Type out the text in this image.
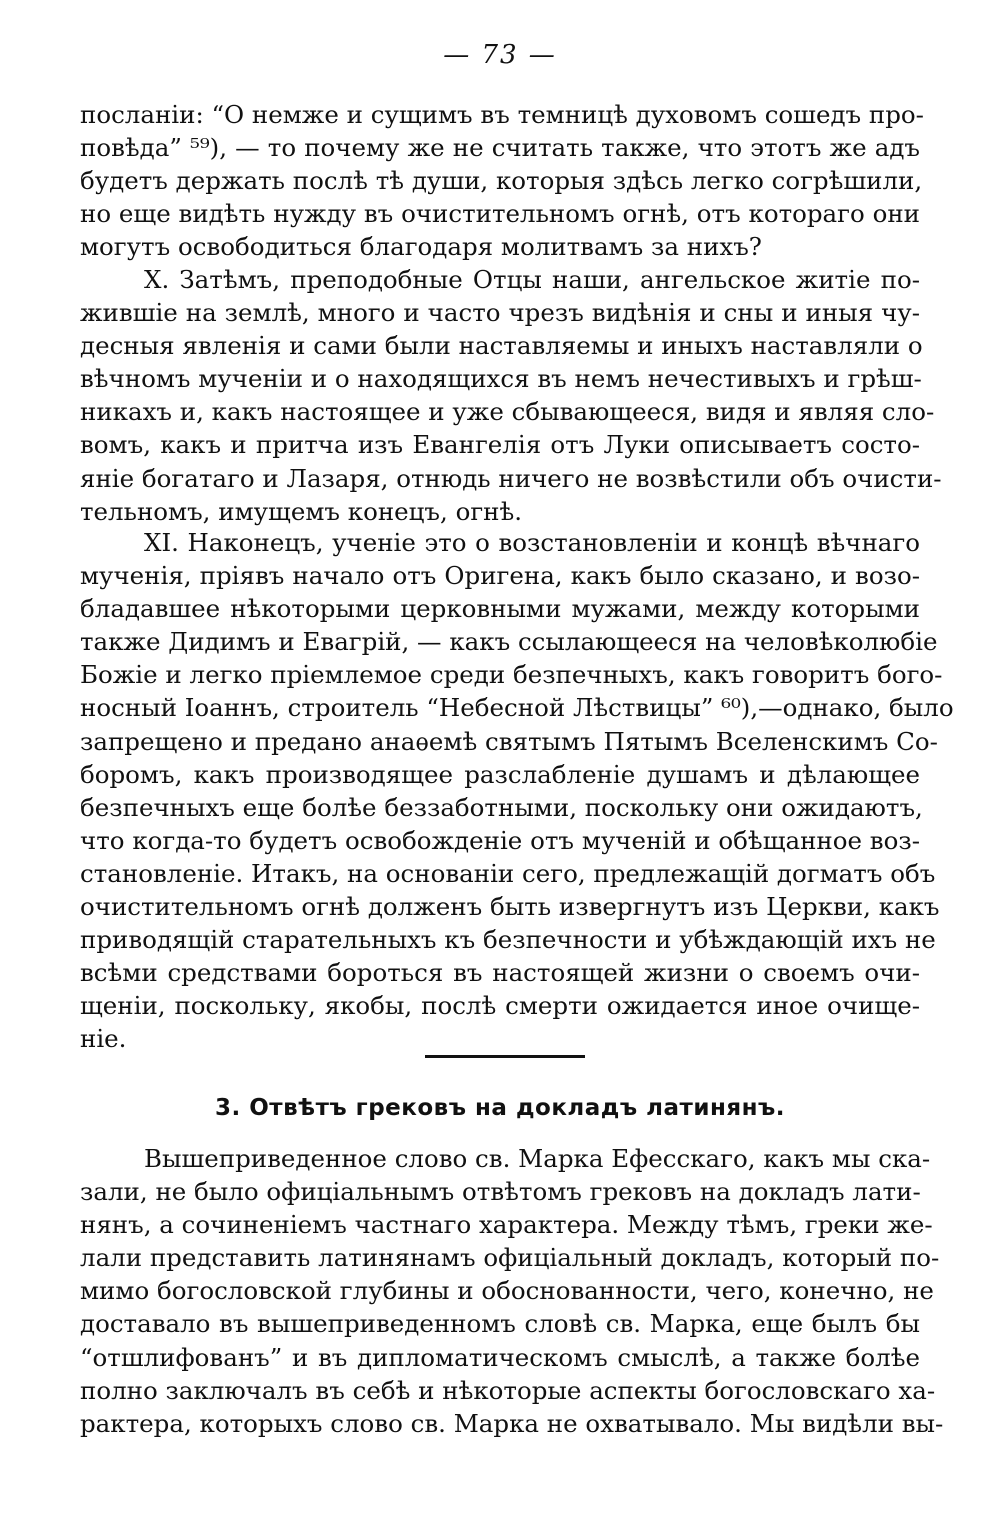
— 73 —
посланіи: “О немже и сущимъ въ темницѣ духовомъ сошедъ про-
повѣда” ⁵⁹), — то почему же не считать также, что этотъ же адъ
будетъ держать послѣ тѣ души, которыя здѣсь легко согрѣшили,
но еще видѣть нужду въ очистительномъ огнѣ, отъ котораго они
могутъ освободиться благодаря молитвамъ за нихъ?
X. Затѣмъ, преподобные Отцы наши, ангельское житіе по-
жившіе на землѣ, много и часто чрезъ видѣнія и сны и иныя чу-
десныя явленія и сами были наставляемы и иныхъ наставляли о
вѣчномъ мученіи и о находящихся въ немъ нечестивыхъ и грѣш-
никахъ и, какъ настоящее и уже сбывающееся, видя и являя сло-
вомъ, какъ и притча изъ Евангелія отъ Луки описываетъ состо-
яніе богатаго и Лазаря, отнюдь ничего не возвѣстили объ очисти-
тельномъ, имущемъ конецъ, огнѣ.
XI. Наконецъ, ученіе это о возстановленіи и концѣ вѣчнаго
мученія, пріявъ начало отъ Оригена, какъ было сказано, и возо-
бладавшее нѣкоторыми церковными мужами, между которыми
также Дидимъ и Евагрій, — какъ ссылающееся на человѣколюбіе
Божіе и легко пріемлемое среди безпечныхъ, какъ говоритъ бого-
носный Іоаннъ, строитель “Небесной Лѣствицы” ⁶⁰),—однако, было
запрещено и предано анаѳемѣ святымъ Пятымъ Вселенскимъ Со-
боромъ, какъ производящее разслабленіе душамъ и дѣлающее
безпечныхъ еще болѣе беззаботными, поскольку они ожидаютъ,
что когда-то будетъ освобожденіе отъ мученій и обѣщанное воз-
становленіе. Итакъ, на основаніи сего, предлежащій догматъ объ
очистительномъ огнѣ долженъ быть извергнутъ изъ Церкви, какъ
приводящій старательныхъ къ безпечности и убѣждающій ихъ не
всѣми средствами бороться въ настоящей жизни о своемъ очи-
щеніи, поскольку, якобы, послѣ смерти ожидается иное очище-
ніе.
3. Отвѣтъ грековъ на докладъ латинянъ.
Вышеприведенное слово св. Марка Ефесскаго, какъ мы ска-
зали, не было офиціальнымъ отвѣтомъ грековъ на докладъ лати-
нянъ, а сочиненіемъ частнаго характера. Между тѣмъ, греки же-
лали представить латинянамъ офиціальный докладъ, который по-
мимо богословской глубины и обоснованности, чего, конечно, не
доставало въ вышеприведенномъ словѣ св. Марка, еще былъ бы
“отшлифованъ” и въ дипломатическомъ смыслѣ, а также болѣе
полно заключалъ въ себѣ и нѣкоторые аспекты богословскаго ха-
рактера, которыхъ слово св. Марка не охватывало. Мы видѣли вы-
